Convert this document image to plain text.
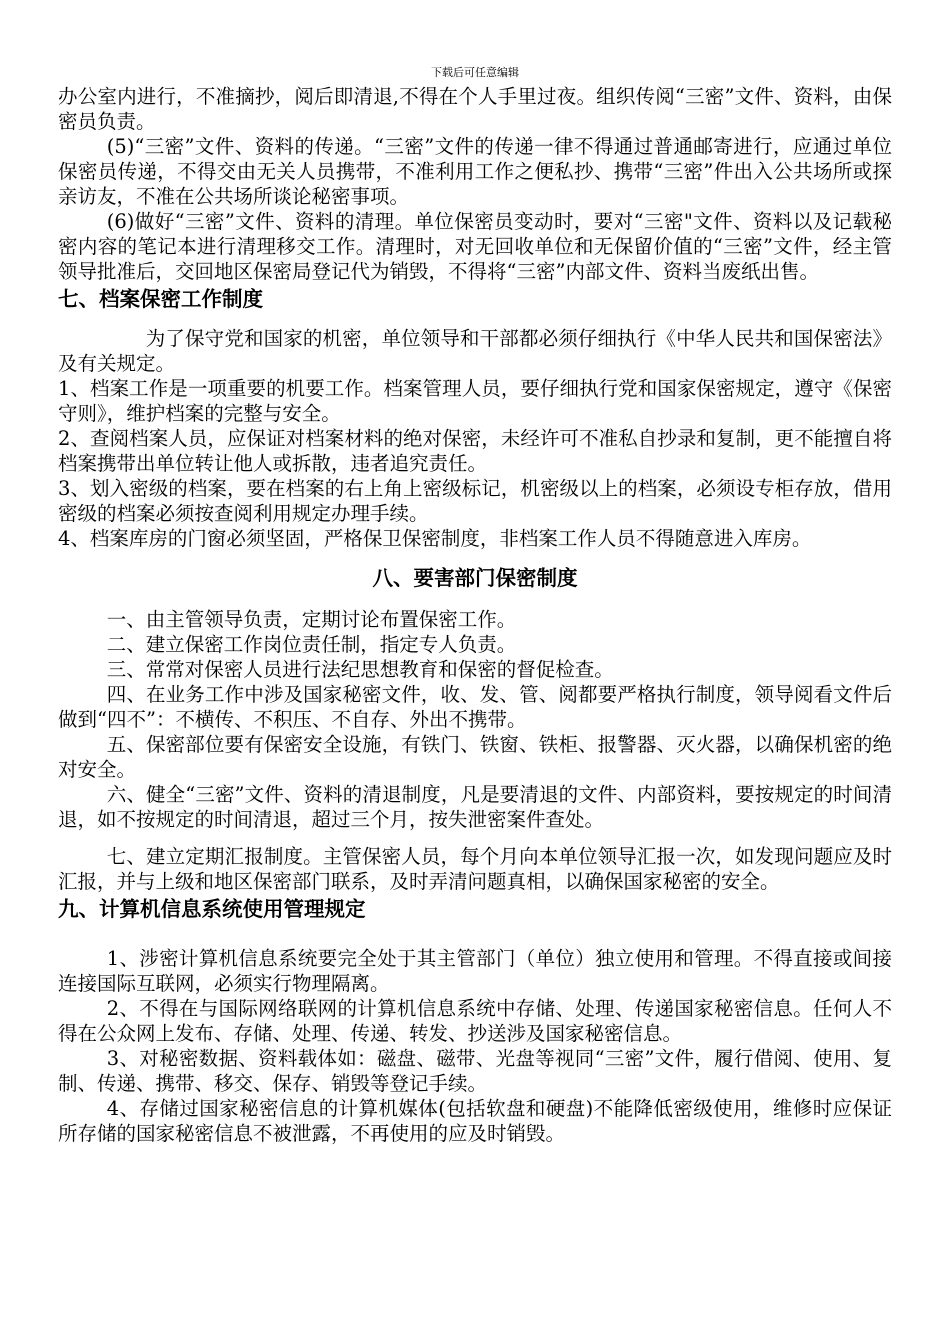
下载后可任意编辑

办公室内进行，不准摘抄，阅后即清退,不得在个人手里过夜。组织传阅“三密”文件、资料，由保密员负责。

(5)“三密”文件、资料的传递。“三密”文件的传递一律不得通过普通邮寄进行，应通过单位保密员传递，不得交由无关人员携带，不准利用工作之便私抄、携带“三密”件出入公共场所或探亲访友，不准在公共场所谈论秘密事项。

(6)做好“三密”文件、资料的清理。单位保密员变动时，要对“三密"文件、资料以及记载秘密内容的笔记本进行清理移交工作。清理时，对无回收单位和无保留价值的“三密”文件，经主管领导批准后，交回地区保密局登记代为销毁，不得将“三密”内部文件、资料当废纸出售。

七、档案保密工作制度

为了保守党和国家的机密，单位领导和干部都必须仔细执行《中华人民共和国保密法》及有关规定。

1、档案工作是一项重要的机要工作。档案管理人员，要仔细执行党和国家保密规定，遵守《保密守则》，维护档案的完整与安全。

2、查阅档案人员，应保证对档案材料的绝对保密，未经许可不准私自抄录和复制，更不能擅自将档案携带出单位转让他人或拆散，违者追究责任。

3、划入密级的档案，要在档案的右上角上密级标记，机密级以上的档案，必须设专柜存放，借用密级的档案必须按查阅利用规定办理手续。

4、档案库房的门窗必须坚固，严格保卫保密制度，非档案工作人员不得随意进入库房。

八、要害部门保密制度

一、由主管领导负责，定期讨论布置保密工作。

二、建立保密工作岗位责任制，指定专人负责。

三、常常对保密人员进行法纪思想教育和保密的督促检查。

四、在业务工作中涉及国家秘密文件，收、发、管、阅都要严格执行制度，领导阅看文件后做到“四不”：不横传、不积压、不自存、外出不携带。

五、保密部位要有保密安全设施，有铁门、铁窗、铁柜、报警器、灭火器，以确保机密的绝对安全。

六、健全“三密”文件、资料的清退制度，凡是要清退的文件、内部资料，要按规定的时间清退，如不按规定的时间清退，超过三个月，按失泄密案件查处。

七、建立定期汇报制度。主管保密人员，每个月向本单位领导汇报一次，如发现问题应及时汇报，并与上级和地区保密部门联系，及时弄清问题真相，以确保国家秘密的安全。

九、计算机信息系统使用管理规定

1、涉密计算机信息系统要完全处于其主管部门（单位）独立使用和管理。不得直接或间接连接国际互联网，必须实行物理隔离。

2、不得在与国际网络联网的计算机信息系统中存储、处理、传递国家秘密信息。任何人不得在公众网上发布、存储、处理、传递、转发、抄送涉及国家秘密信息。

3、对秘密数据、资料载体如：磁盘、磁带、光盘等视同“三密”文件，履行借阅、使用、复制、传递、携带、移交、保存、销毁等登记手续。

4、存储过国家秘密信息的计算机媒体(包括软盘和硬盘)不能降低密级使用，维修时应保证所存储的国家秘密信息不被泄露，不再使用的应及时销毁。
